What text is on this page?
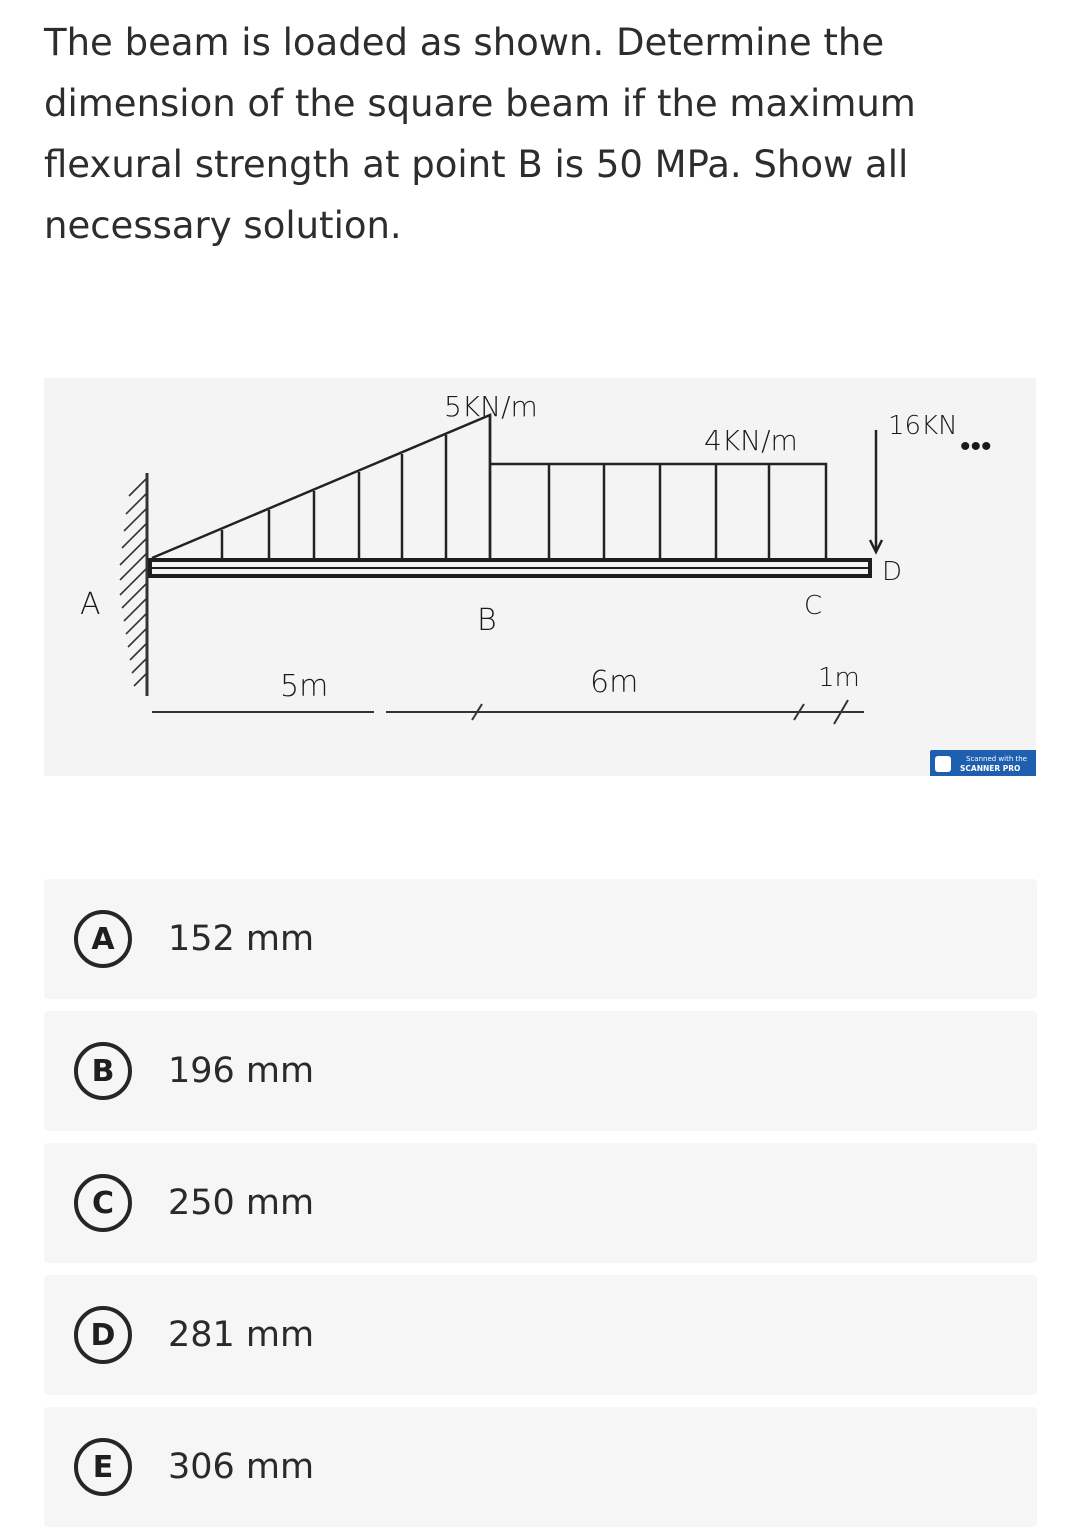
The beam is loaded as shown. Determine the dimension of the square beam if the maximum flexural strength at point B is 50 MPa. Show all necessary solution.

5KN/m
4KN/m	16KN
•••
A	B	C
D
5m	6m	1m
Scanned with the
SCANNER PRO
A	152 mm
B	196 mm
C	250 mm
D	281 mm
E	306 mm
